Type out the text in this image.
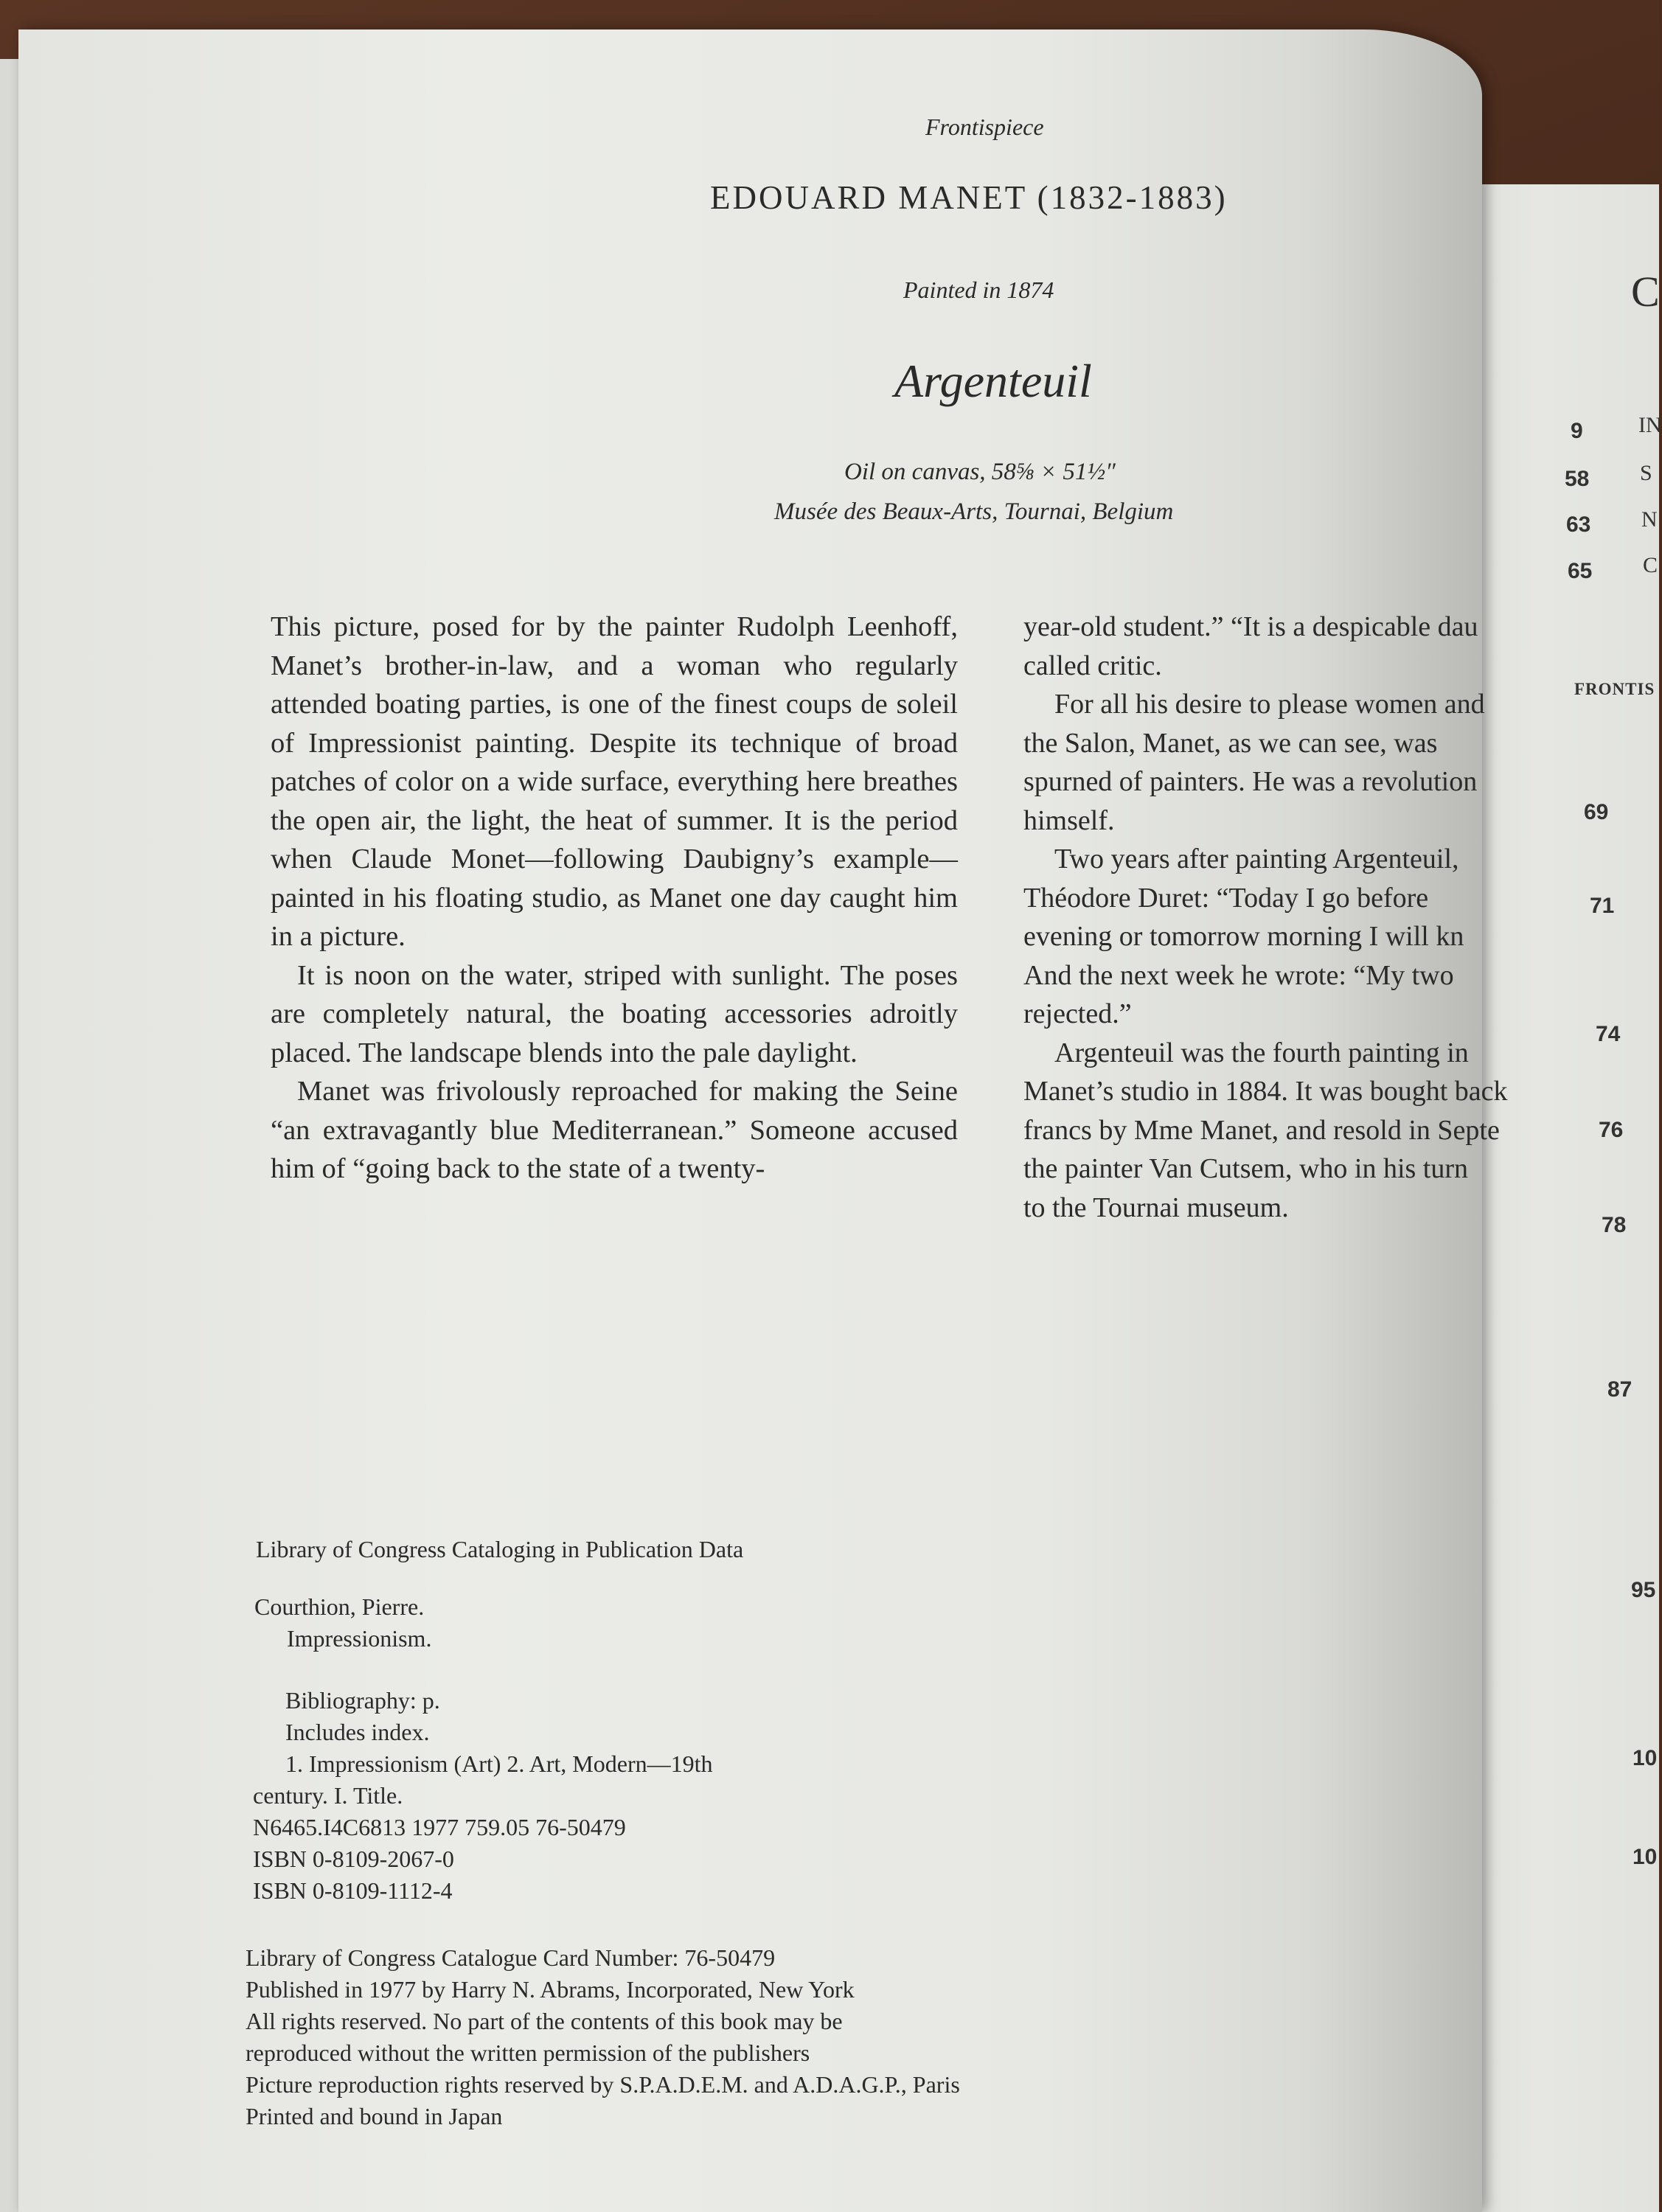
C
9	IN
58 S
63 N
65 C
FRONTIS
69
71
74
76
78
87
95
10
10
Frontispiece
EDOUARD MANET (1832-1883)
Painted in 1874
Argenteuil
Oil on canvas, 58⅝ × 51½″
Musée des Beaux-Arts, Tournai, Belgium

This picture, posed for by the painter Rudolph Leenhoff, Manet’s brother-in-law, and a woman who regularly attended boating parties, is one of the finest coups de soleil of Impressionist painting. Despite its technique of broad patches of color on a wide surface, everything here breathes the open air, the light, the heat of summer. It is the period when Claude Monet—following Daubigny’s example—painted in his floating studio, as Manet one day caught him in a picture.

It is noon on the water, striped with sunlight. The poses are completely natural, the boating accessories adroitly placed. The landscape blends into the pale daylight.

Manet was frivolously reproached for making the Seine “an extravagantly blue Mediterranean.” Someone accused him of “going back to the state of a twenty-

year-old student.” “It is a despicable dau
called critic.
For all his desire to please women and
the Salon, Manet, as we can see, was
spurned of painters. He was a revolution
himself.
Two years after painting Argenteuil,
Théodore Duret: “Today I go before
evening or tomorrow morning I will kn
And the next week he wrote: “My two
rejected.”
Argenteuil was the fourth painting in
Manet’s studio in 1884. It was bought back
francs by Mme Manet, and resold in Septe
the painter Van Cutsem, who in his turn
to the Tournai museum.
Library of Congress Cataloging in Publication Data
Courthion, Pierre.
Impressionism.
Bibliography: p.
Includes index.
1. Impressionism (Art) 2. Art, Modern—19th
century. I. Title.
N6465.I4C6813 1977 759.05 76-50479
ISBN 0-8109-2067-0
ISBN 0-8109-1112-4
Library of Congress Catalogue Card Number: 76-50479
Published in 1977 by Harry N. Abrams, Incorporated, New York
All rights reserved. No part of the contents of this book may be
reproduced without the written permission of the publishers
Picture reproduction rights reserved by S.P.A.D.E.M. and A.D.A.G.P., Paris
Printed and bound in Japan
